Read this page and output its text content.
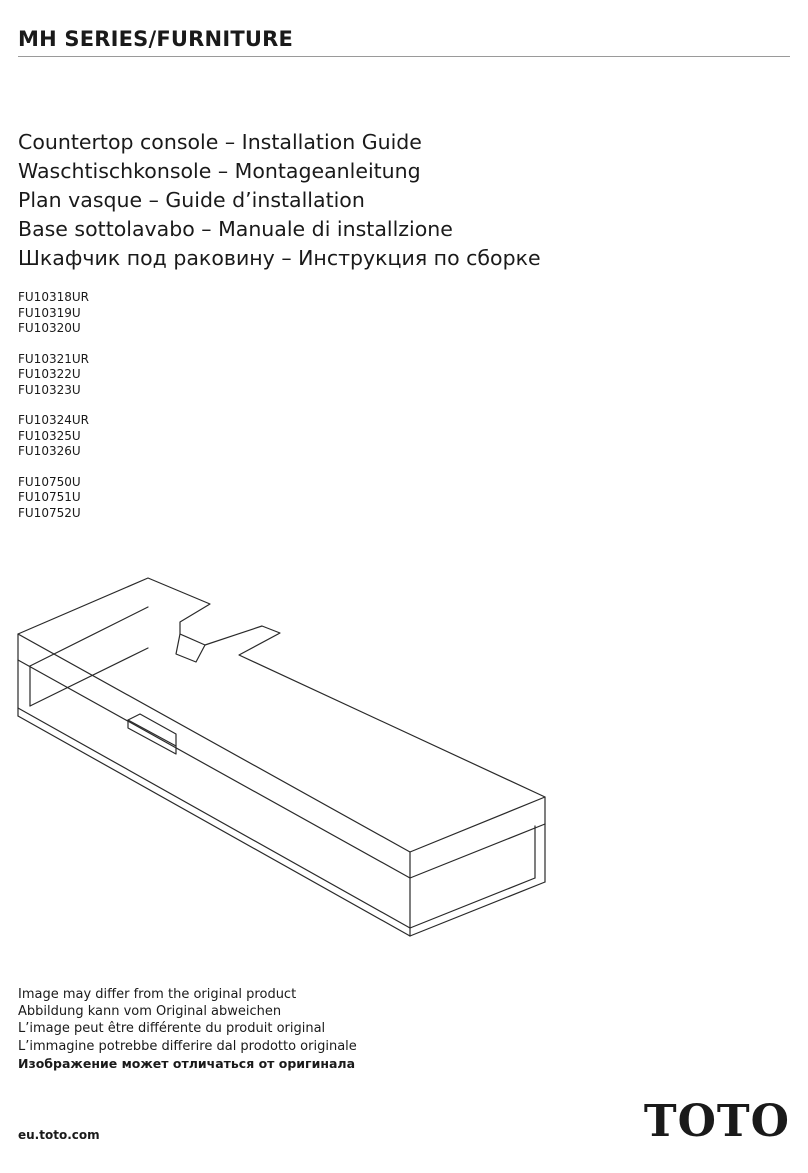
MH SERIES/FURNITURE
Countertop console – Installation Guide
Waschtischkonsole – Montageanleitung
Plan vasque – Guide d’installation
Base sottolavabo – Manuale di installzione
Шкафчик под раковину – Инструкция по сборке
FU10318UR
FU10319U
FU10320U
FU10321UR
FU10322U
FU10323U
FU10324UR
FU10325U
FU10326U
FU10750U
FU10751U
FU10752U
Image may differ from the original product
Abbildung kann vom Original abweichen
L’image peut être différente du produit original
L’immagine potrebbe differire dal prodotto originale
Изображение может отличаться от оригинала
eu.toto.com	TOTO
